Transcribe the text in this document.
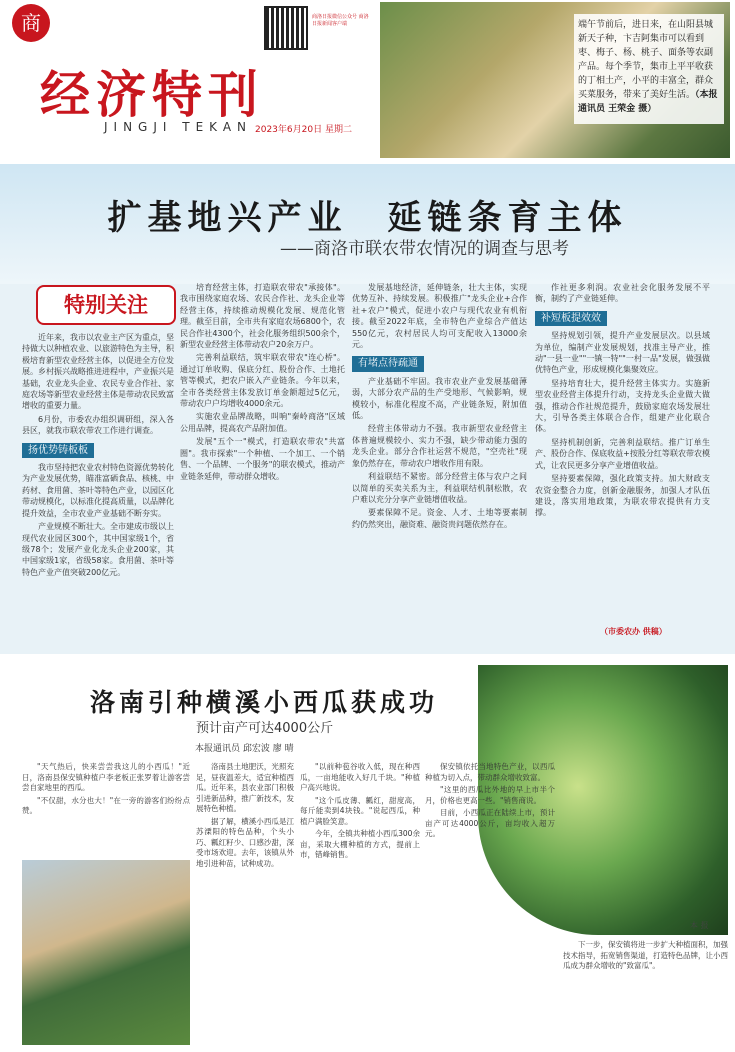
商	商洛日报微信公众号 商洛日报新闻客户端
经济特刊
JINGJI TEKAN 2023年6月20日 星期二
端午节前后，进日来，在山阳县城新天子种，卞吉阿集市可以看到枣、梅子、杨、桃子、面条等农副产品。每个季节，集市上平平收获的丁相土产，小平的丰富全，群众买菜服务，带来了美好生活。（本报通讯员 王荣金 摄）
扩基地兴产业　延链条育主体
——商洛市联农带农情况的调查与思考
特别关注

近年来，我市以农业主产区为重点，坚持做大以种植农业、以旅游特色为主导，积极培育新型农业经营主体，以促进全方位发展。乡村振兴战略推进进程中，产业振兴是基础，农业龙头企业、农民专业合作社、家庭农场等新型农业经营主体是带动农民致富增收的重要力量。

6月份，市委农办组织调研组，深入各县区，就我市联农带农工作进行调查。

扬优势铸板板

我市坚持把农业农村特色资源优势转化为产业发展优势，瞄准富硒食品、核桃、中药材、食用菌、茶叶等特色产业，以园区化带动规模化，以标准化提高质量，以品牌化提升效益，全市农业产业基础不断夯实。

产业规模不断壮大。全市建成市级以上现代农业园区300个，其中国家级1个，省级78个；发展产业化龙头企业200家，其中国家级1家，省级58家。食用菌、茶叶等特色产业产值突破200亿元。

培育经营主体，打造联农带农"承接体"。我市围绕家庭农场、农民合作社、龙头企业等经营主体，持续推动规模化发展、规范化管理。截至目前，全市共有家庭农场6800个，农民合作社4300个，社会化服务组织500余个，新型农业经营主体带动农户20余万户。

完善利益联结，筑牢联农带农"连心桥"。通过订单收购、保底分红、股份合作、土地托管等模式，把农户嵌入产业链条。今年以来，全市各类经营主体发放订单金额超过5亿元，带动农户户均增收4000余元。

实施农业品牌战略，叫响"秦岭商洛"区域公用品牌，提高农产品附加值。

发展"五个一"模式，打造联农带农"共富圈"。我市探索"一个种植、一个加工、一个销售、一个品牌、一个服务"的联农模式，推动产业链条延伸，带动群众增收。

发展基地经济，延伸链条，壮大主体，实现优势互补、持续发展。积极推广"龙头企业+合作社+农户"模式，促进小农户与现代农业有机衔接。截至2022年底，全市特色产业综合产值达550亿元，农村居民人均可支配收入13000余元。

有堵点待疏通

产业基础不牢固。我市农业产业发展基础薄弱，大部分农产品的生产受地形、气候影响，规模较小，标准化程度不高，产业链条短，附加值低。

经营主体带动力不强。我市新型农业经营主体普遍规模较小、实力不强，缺少带动能力强的龙头企业。部分合作社运营不规范，"空壳社"现象仍然存在，带动农户增收作用有限。

利益联结不紧密。部分经营主体与农户之间以简单的买卖关系为主，利益联结机制松散，农户难以充分分享产业链增值收益。

要素保障不足。资金、人才、土地等要素制约仍然突出，融资难、融资贵问题依然存在。

作社更多利润。农业社会化服务发展不平衡，制约了产业链延伸。

补短板提效效

坚持规划引领，提升产业发展层次。以县域为单位，编制产业发展规划，找准主导产业，推动"一县一业""一镇一特""一村一品"发展，做强做优特色产业，形成规模化集聚效应。

坚持培育壮大，提升经营主体实力。实施新型农业经营主体提升行动，支持龙头企业做大做强，推动合作社规范提升，鼓励家庭农场发展壮大，引导各类主体联合合作，组建产业化联合体。

坚持机制创新，完善利益联结。推广订单生产、股份合作、保底收益+按股分红等联农带农模式，让农民更多分享产业增值收益。

坚持要素保障，强化政策支持。加大财政支农资金整合力度，创新金融服务，加强人才队伍建设，落实用地政策，为联农带农提供有力支撑。

（市委农办 供稿）
本 报
洛南引种横溪小西瓜获成功
预计亩产可达4000公斤
本报通讯员 邱宏波 廖 晴

"天气热后，快来尝尝我这儿的小西瓜！"近日，洛南县保安镇种植户李老板正张罗着让游客尝尝自家地里的西瓜。

"不仅甜，水分也大！"在一旁的游客们纷纷点赞。

洛南县土地肥沃，光照充足，昼夜温差大，适宜种植西瓜。近年来，县农业部门积极引进新品种，推广新技术，发展特色种植。

据了解，横溪小西瓜是江苏溧阳的特色品种，个头小巧、瓤红籽少、口感沙甜，深受市场欢迎。去年，该镇从外地引进种苗，试种成功。

"以前种苞谷收入低，现在种西瓜，一亩地能收入好几千块。"种植户高兴地说。

"这个瓜皮薄、瓤红，甜度高，每斤能卖到4块钱。"说起西瓜，种植户满脸笑意。

今年，全镇共种植小西瓜300余亩，采取大棚种植的方式，提前上市，错峰销售。

保安镇依托当地特色产业，以西瓜种植为切入点，带动群众增收致富。

"这里的西瓜比外地的早上市半个月，价格也更高一些。"销售商说。

目前，小西瓜正在陆续上市，预计亩产可达4000公斤，亩均收入超万元。

下一步，保安镇将进一步扩大种植面积，加强技术指导，拓宽销售渠道，打造特色品牌，让小西瓜成为群众增收的"致富瓜"。
